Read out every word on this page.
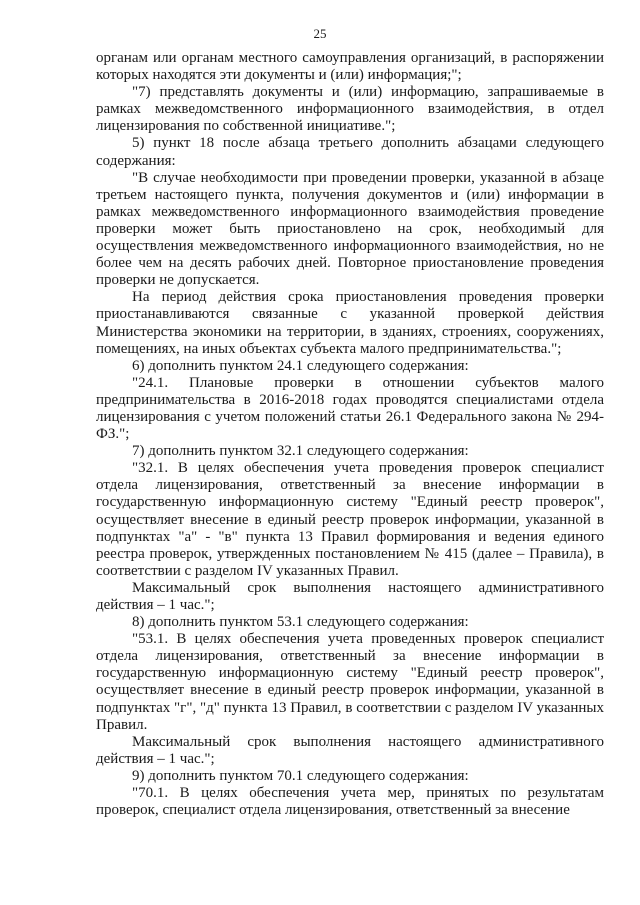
25

органам или органам местного самоуправления организаций, в распоряжении которых находятся эти документы и (или) информация;";

"7) представлять документы и (или) информацию, запрашиваемые в рамках межведомственного информационного взаимодействия, в отдел лицензирования по собственной инициативе.";

5) пункт 18 после абзаца третьего дополнить абзацами следующего содержания:

"В случае необходимости при проведении проверки, указанной в абзаце третьем настоящего пункта, получения документов и (или) информации в рамках межведомственного информационного взаимодействия проведение проверки может быть приостановлено на срок, необходимый для осуществления межведомственного информационного взаимодействия, но не более чем на десять рабочих дней. Повторное приостановление проведения проверки не допускается.

На период действия срока приостановления проведения проверки приостанавливаются связанные с указанной проверкой действия Министерства экономики на территории, в зданиях, строениях, сооружениях, помещениях, на иных объектах субъекта малого предпринимательства.";

6) дополнить пунктом 24.1 следующего содержания:

"24.1. Плановые проверки в отношении субъектов малого предпринимательства в 2016-2018 годах проводятся специалистами отдела лицензирования с учетом положений статьи 26.1 Федерального закона № 294-ФЗ.";

7) дополнить пунктом 32.1 следующего содержания:

"32.1. В целях обеспечения учета проведения проверок специалист отдела лицензирования, ответственный за внесение информации в государственную информационную систему "Единый реестр проверок", осуществляет внесение в единый реестр проверок информации, указанной в подпунктах "а" - "в" пункта 13 Правил формирования и ведения единого реестра проверок, утвержденных постановлением № 415 (далее – Правила), в соответствии с разделом IV указанных Правил.

Максимальный срок выполнения настоящего административного действия – 1 час.";

8) дополнить пунктом 53.1 следующего содержания:

"53.1. В целях обеспечения учета проведенных проверок специалист отдела лицензирования, ответственный за внесение информации в государственную информационную систему "Единый реестр проверок", осуществляет внесение в единый реестр проверок информации, указанной в подпунктах "г", "д" пункта 13 Правил, в соответствии с разделом IV указанных Правил.

Максимальный срок выполнения настоящего административного действия – 1 час.";

9) дополнить пунктом 70.1 следующего содержания:

"70.1. В целях обеспечения учета мер, принятых по результатам проверок, специалист отдела лицензирования, ответственный за внесение
